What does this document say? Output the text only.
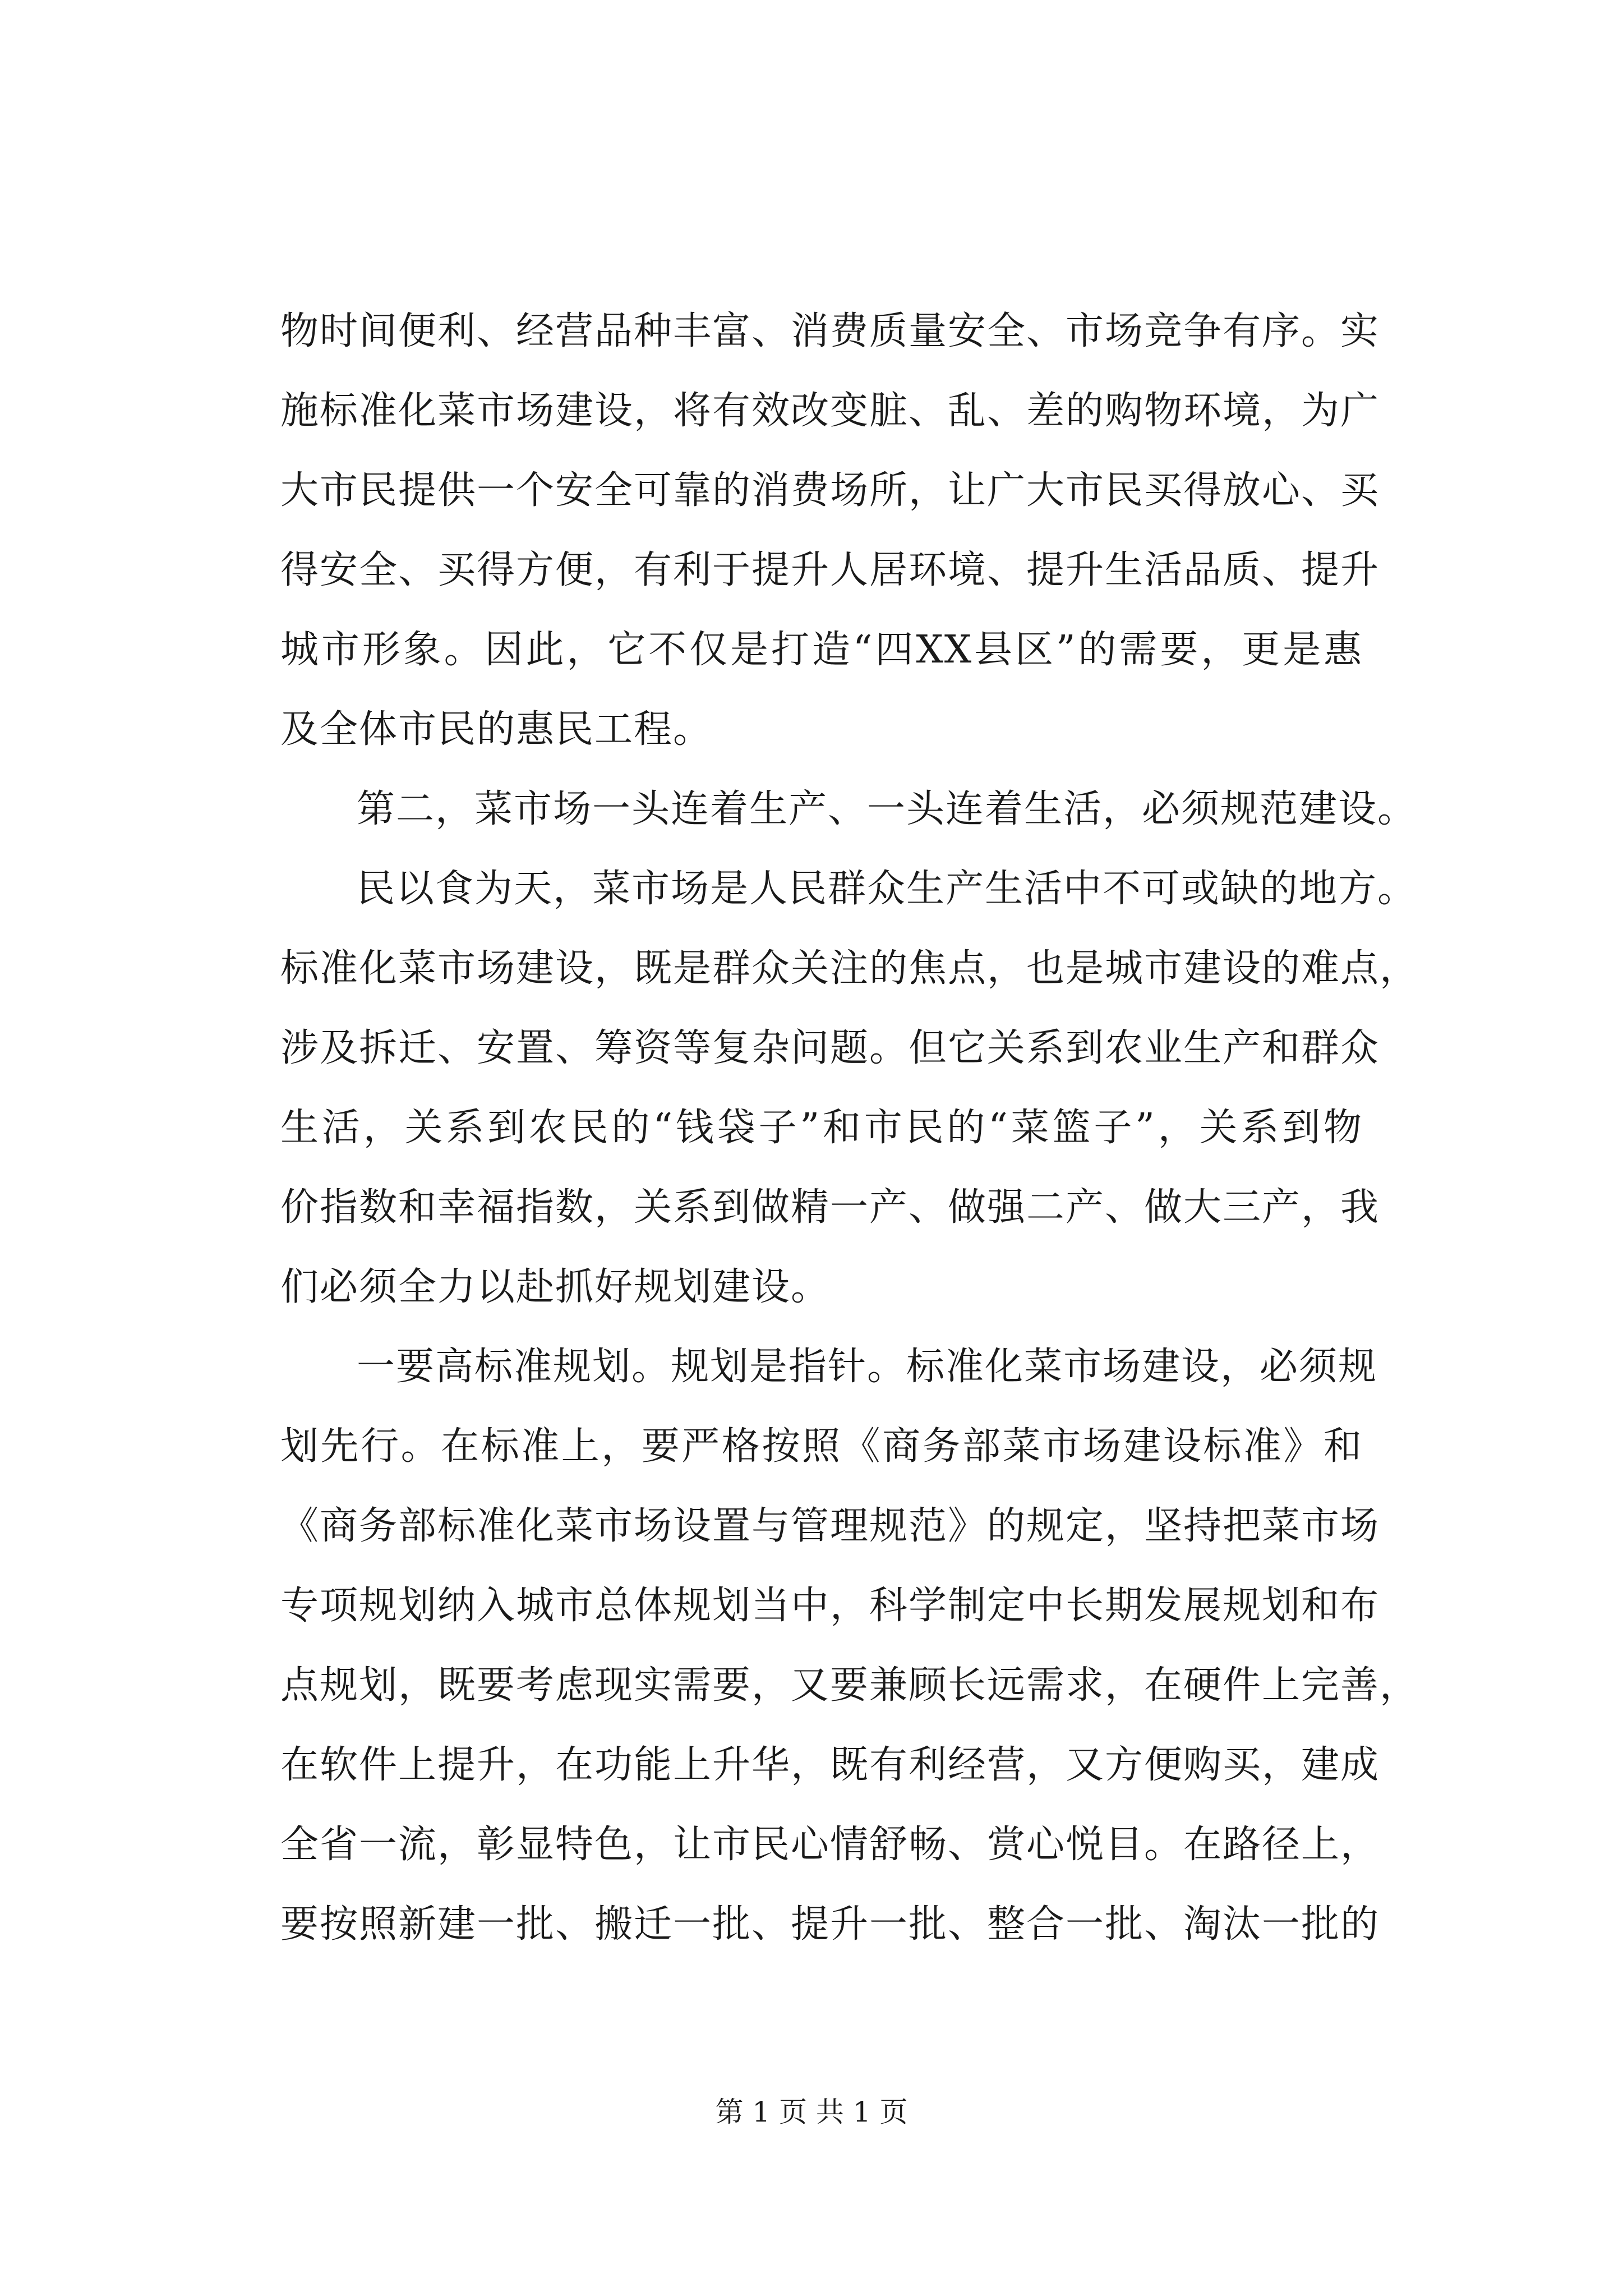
物时间便利、经营品种丰富、消费质量安全、市场竞争有序。实
施标准化菜市场建设，将有效改变脏、乱、差的购物环境，为广
大市民提供一个安全可靠的消费场所，让广大市民买得放心、买
得安全、买得方便，有利于提升人居环境、提升生活品质、提升
城市形象。因此，它不仅是打造“四XX县区”的需要，更是惠
及全体市民的惠民工程。
第二，菜市场一头连着生产、一头连着生活，必须规范建设。
民以食为天，菜市场是人民群众生产生活中不可或缺的地方。
标准化菜市场建设，既是群众关注的焦点，也是城市建设的难点，
涉及拆迁、安置、筹资等复杂问题。但它关系到农业生产和群众
生活，关系到农民的“钱袋子”和市民的“菜篮子”，关系到物
价指数和幸福指数，关系到做精一产、做强二产、做大三产，我
们必须全力以赴抓好规划建设。
一要高标准规划。规划是指针。标准化菜市场建设，必须规
划先行。在标准上，要严格按照《商务部菜市场建设标准》和
《商务部标准化菜市场设置与管理规范》的规定，坚持把菜市场
专项规划纳入城市总体规划当中，科学制定中长期发展规划和布
点规划，既要考虑现实需要，又要兼顾长远需求，在硬件上完善，
在软件上提升，在功能上升华，既有利经营，又方便购买，建成
全省一流，彰显特色，让市民心情舒畅、赏心悦目。在路径上，
要按照新建一批、搬迁一批、提升一批、整合一批、淘汰一批的
第 1 页 共 1 页
